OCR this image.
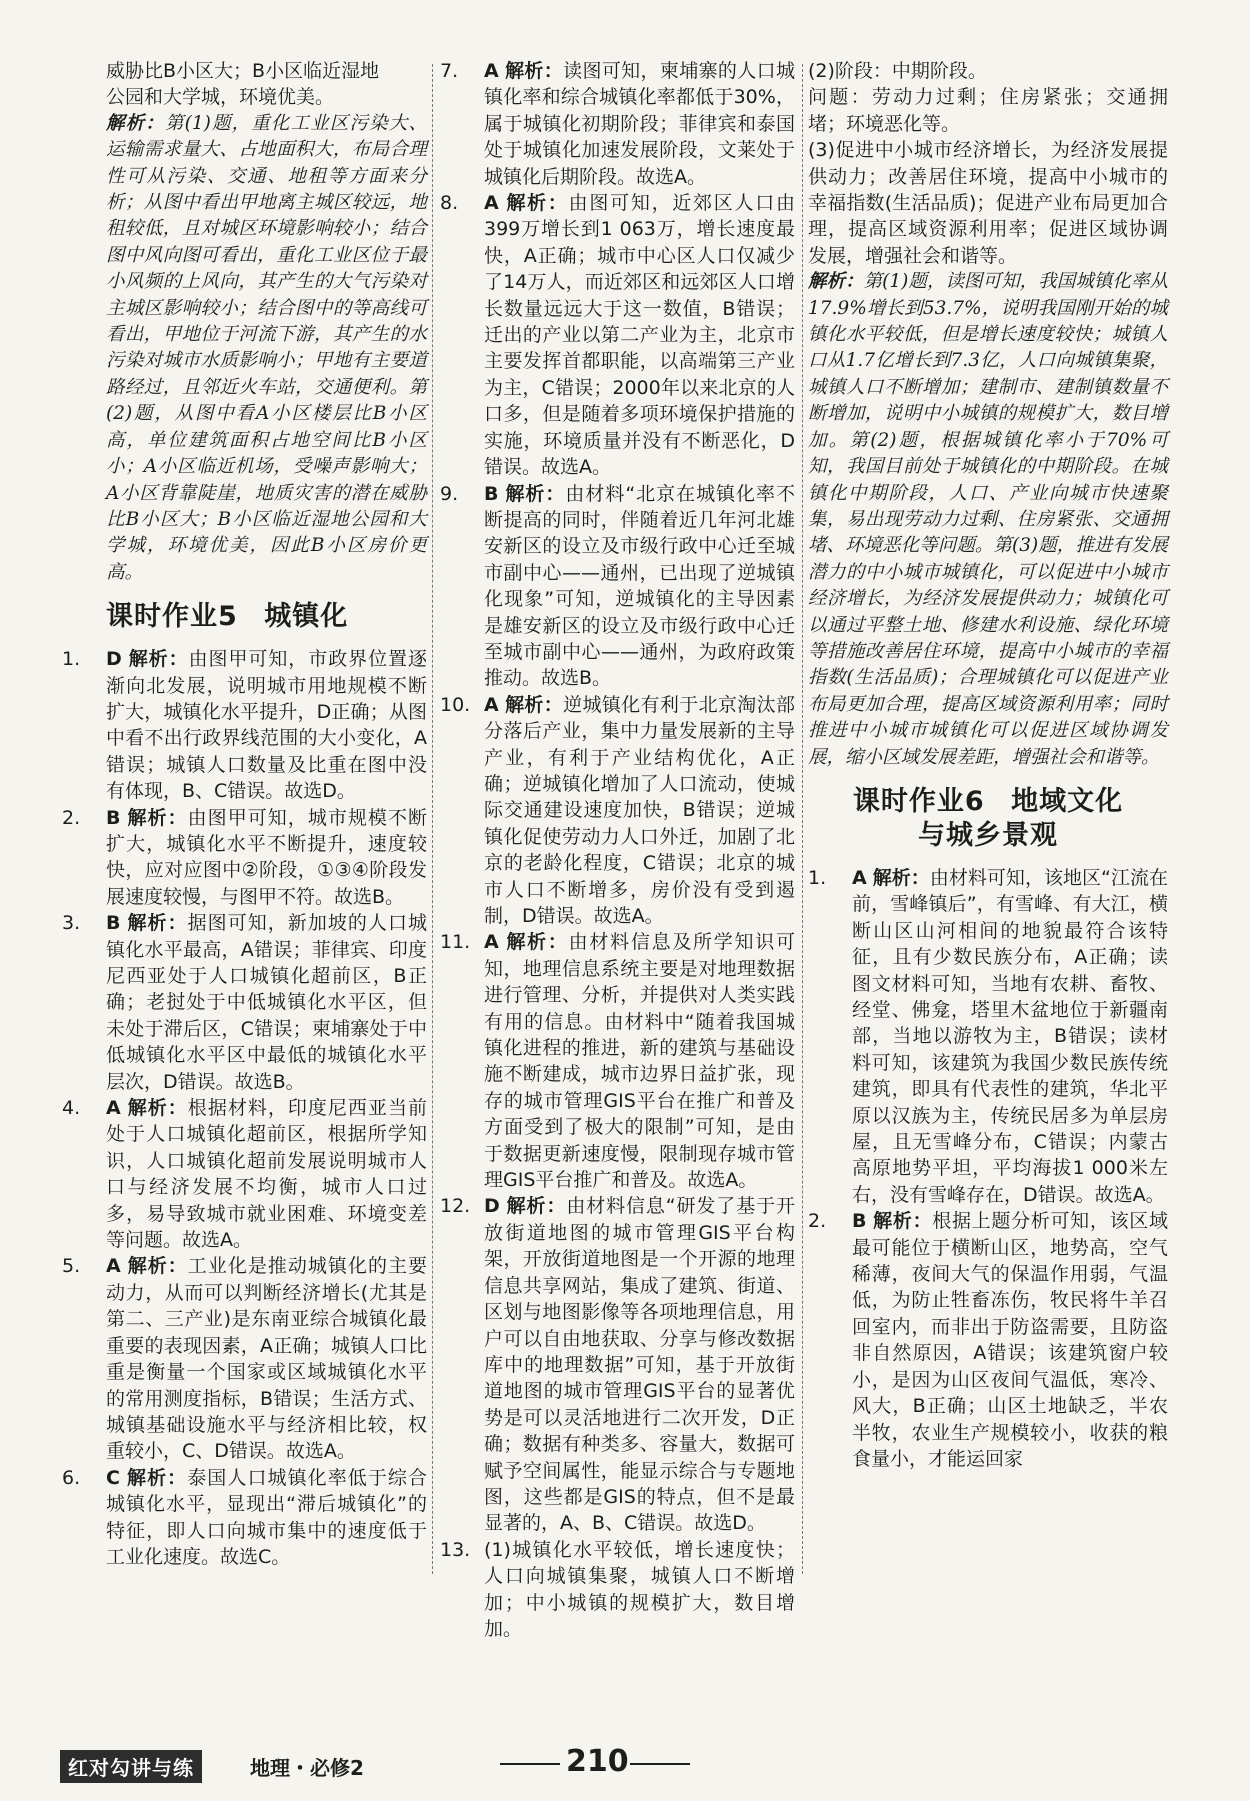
威胁比B小区大；B小区临近湿地

公园和大学城，环境优美。

解析：第(1)题，重化工业区污染大、运输需求量大、占地面积大，布局合理性可从污染、交通、地租等方面来分析；从图中看出甲地离主城区较远，地租较低，且对城区环境影响较小；结合图中风向图可看出，重化工业区位于最小风频的上风向，其产生的大气污染对主城区影响较小；结合图中的等高线可看出，甲地位于河流下游，其产生的水污染对城市水质影响小；甲地有主要道路经过，且邻近火车站，交通便利。第(2)题，从图中看A小区楼层比B小区高，单位建筑面积占地空间比B小区小；A小区临近机场，受噪声影响大；A小区背靠陡崖，地质灾害的潜在威胁比B小区大；B小区临近湿地公园和大学城，环境优美，因此B小区房价更高。

课时作业5 城镇化
1.	D 解析：由图甲可知，市政界位置逐渐向北发展，说明城市用地规模不断扩大，城镇化水平提升，D正确；从图中看不出行政界线范围的大小变化，A错误；城镇人口数量及比重在图中没有体现，B、C错误。故选D。
2.	B 解析：由图甲可知，城市规模不断扩大，城镇化水平不断提升，速度较快，应对应图中②阶段，①③④阶段发展速度较慢，与图甲不符。故选B。
3.	B 解析：据图可知，新加坡的人口城镇化水平最高，A错误；菲律宾、印度尼西亚处于人口城镇化超前区，B正确；老挝处于中低城镇化水平区，但未处于滞后区，C错误；柬埔寨处于中低城镇化水平区中最低的城镇化水平层次，D错误。故选B。
4.	A 解析：根据材料，印度尼西亚当前处于人口城镇化超前区，根据所学知识，人口城镇化超前发展说明城市人口与经济发展不均衡，城市人口过多，易导致城市就业困难、环境变差等问题。故选A。
5.	A 解析：工业化是推动城镇化的主要动力，从而可以判断经济增长(尤其是第二、三产业)是东南亚综合城镇化最重要的表现因素，A正确；城镇人口比重是衡量一个国家或区域城镇化水平的常用测度指标，B错误；生活方式、城镇基础设施水平与经济相比较，权重较小，C、D错误。故选A。
6.	C 解析：泰国人口城镇化率低于综合城镇化水平，显现出“滞后城镇化”的特征，即人口向城市集中的速度低于工业化速度。故选C。
7.	A 解析：读图可知，柬埔寨的人口城镇化率和综合城镇化率都低于30%，属于城镇化初期阶段；菲律宾和泰国处于城镇化加速发展阶段，文莱处于城镇化后期阶段。故选A。
8.	A 解析：由图可知，近郊区人口由399万增长到1 063万，增长速度最快，A正确；城市中心区人口仅减少了14万人，而近郊区和远郊区人口增长数量远远大于这一数值，B错误；迁出的产业以第二产业为主，北京市主要发挥首都职能，以高端第三产业为主，C错误；2000年以来北京的人口多，但是随着多项环境保护措施的实施，环境质量并没有不断恶化，D错误。故选A。
9.	B 解析：由材料“北京在城镇化率不断提高的同时，伴随着近几年河北雄安新区的设立及市级行政中心迁至城市副中心——通州，已出现了逆城镇化现象”可知，逆城镇化的主导因素是雄安新区的设立及市级行政中心迁至城市副中心——通州，为政府政策推动。故选B。
10. A 解析：逆城镇化有利于北京淘汰部分落后产业，集中力量发展新的主导产业，有利于产业结构优化，A正确；逆城镇化增加了人口流动，使城际交通建设速度加快，B错误；逆城镇化促使劳动力人口外迁，加剧了北京的老龄化程度，C错误；北京的城市人口不断增多，房价没有受到遏制，D错误。故选A。
11. A 解析：由材料信息及所学知识可知，地理信息系统主要是对地理数据进行管理、分析，并提供对人类实践有用的信息。由材料中“随着我国城镇化进程的推进，新的建筑与基础设施不断建成，城市边界日益扩张，现存的城市管理GIS平台在推广和普及方面受到了极大的限制”可知，是由于数据更新速度慢，限制现存城市管理GIS平台推广和普及。故选A。
12. D 解析：由材料信息“研发了基于开放街道地图的城市管理GIS平台构架，开放街道地图是一个开源的地理信息共享网站，集成了建筑、街道、区划与地图影像等各项地理信息，用户可以自由地获取、分享与修改数据库中的地理数据”可知，基于开放街道地图的城市管理GIS平台的显著优势是可以灵活地进行二次开发，D正确；数据有种类多、容量大，数据可赋予空间属性，能显示综合与专题地图，这些都是GIS的特点，但不是最显著的，A、B、C错误。故选D。
13. (1)城镇化水平较低，增长速度快；人口向城镇集聚，城镇人口不断增加；中小城镇的规模扩大，数目增加。

(2)阶段：中期阶段。

问题：劳动力过剩；住房紧张；交通拥堵；环境恶化等。

(3)促进中小城市经济增长，为经济发展提供动力；改善居住环境，提高中小城市的幸福指数(生活品质)；促进产业布局更加合理，提高区域资源利用率；促进区域协调发展，增强社会和谐等。

解析：第(1)题，读图可知，我国城镇化率从17.9%增长到53.7%，说明我国刚开始的城镇化水平较低，但是增长速度较快；城镇人口从1.7亿增长到7.3亿，人口向城镇集聚，城镇人口不断增加；建制市、建制镇数量不断增加，说明中小城镇的规模扩大，数目增加。第(2)题，根据城镇化率小于70%可知，我国目前处于城镇化的中期阶段。在城镇化中期阶段，人口、产业向城市快速聚集，易出现劳动力过剩、住房紧张、交通拥堵、环境恶化等问题。第(3)题，推进有发展潜力的中小城市城镇化，可以促进中小城市经济增长，为经济发展提供动力；城镇化可以通过平整土地、修建水利设施、绿化环境等措施改善居住环境，提高中小城市的幸福指数(生活品质)；合理城镇化可以促进产业布局更加合理，提高区域资源利用率；同时推进中小城市城镇化可以促进区域协调发展，缩小区域发展差距，增强社会和谐等。

课时作业6 地域文化
与城乡景观
1.	A 解析：由材料可知，该地区“江流在前，雪峰镇后”，有雪峰、有大江，横断山区山河相间的地貌最符合该特征，且有少数民族分布，A正确；读图文材料可知，当地有农耕、畜牧、经堂、佛龛，塔里木盆地位于新疆南部，当地以游牧为主，B错误；读材料可知，该建筑为我国少数民族传统建筑，即具有代表性的建筑，华北平原以汉族为主，传统民居多为单层房屋，且无雪峰分布，C错误；内蒙古高原地势平坦，平均海拔1 000米左右，没有雪峰存在，D错误。故选A。
2.	B 解析：根据上题分析可知，该区域最可能位于横断山区，地势高，空气稀薄，夜间大气的保温作用弱，气温低，为防止牲畜冻伤，牧民将牛羊召回室内，而非出于防盗需要，且防盗非自然原因，A错误；该建筑窗户较小，是因为山区夜间气温低，寒冷、风大，B正确；山区土地缺乏，半农半牧，农业生产规模较小，收获的粮食量小，才能运回家
红对勾讲与练	地理・必修2	210
